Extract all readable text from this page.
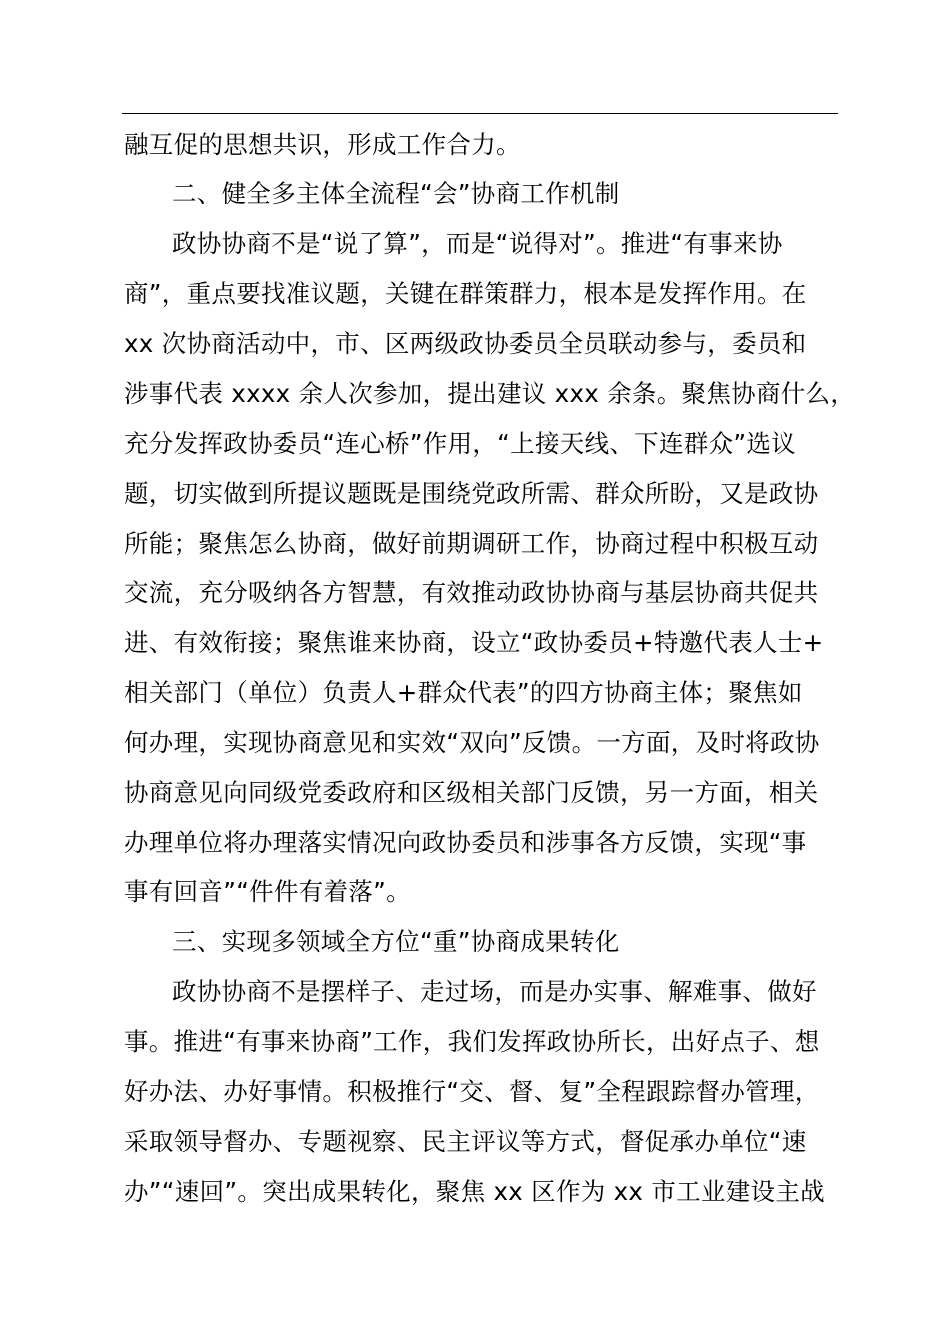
融互促的思想共识，形成工作合力。
二、健全多主体全流程“会”协商工作机制
政协协商不是“说了算”，而是“说得对”。推进“有事来协
商”，重点要找准议题，关键在群策群力，根本是发挥作用。在
xx 次协商活动中，市、区两级政协委员全员联动参与，委员和
涉事代表 xxxx 余人次参加，提出建议 xxx 余条。聚焦协商什么，
充分发挥政协委员“连心桥”作用，“上接天线、下连群众”选议
题，切实做到所提议题既是围绕党政所需、群众所盼，又是政协
所能；聚焦怎么协商，做好前期调研工作，协商过程中积极互动
交流，充分吸纳各方智慧，有效推动政协协商与基层协商共促共
进、有效衔接；聚焦谁来协商，设立“政协委员+特邀代表人士+
相关部门（单位）负责人+群众代表”的四方协商主体；聚焦如
何办理，实现协商意见和实效“双向”反馈。一方面，及时将政协
协商意见向同级党委政府和区级相关部门反馈，另一方面，相关
办理单位将办理落实情况向政协委员和涉事各方反馈，实现“事
事有回音”“件件有着落”。
三、实现多领域全方位“重”协商成果转化
政协协商不是摆样子、走过场，而是办实事、解难事、做好
事。推进“有事来协商”工作，我们发挥政协所长，出好点子、想
好办法、办好事情。积极推行“交、督、复”全程跟踪督办管理，
采取领导督办、专题视察、民主评议等方式，督促承办单位“速
办”“速回”。突出成果转化，聚焦 xx 区作为 xx 市工业建设主战
